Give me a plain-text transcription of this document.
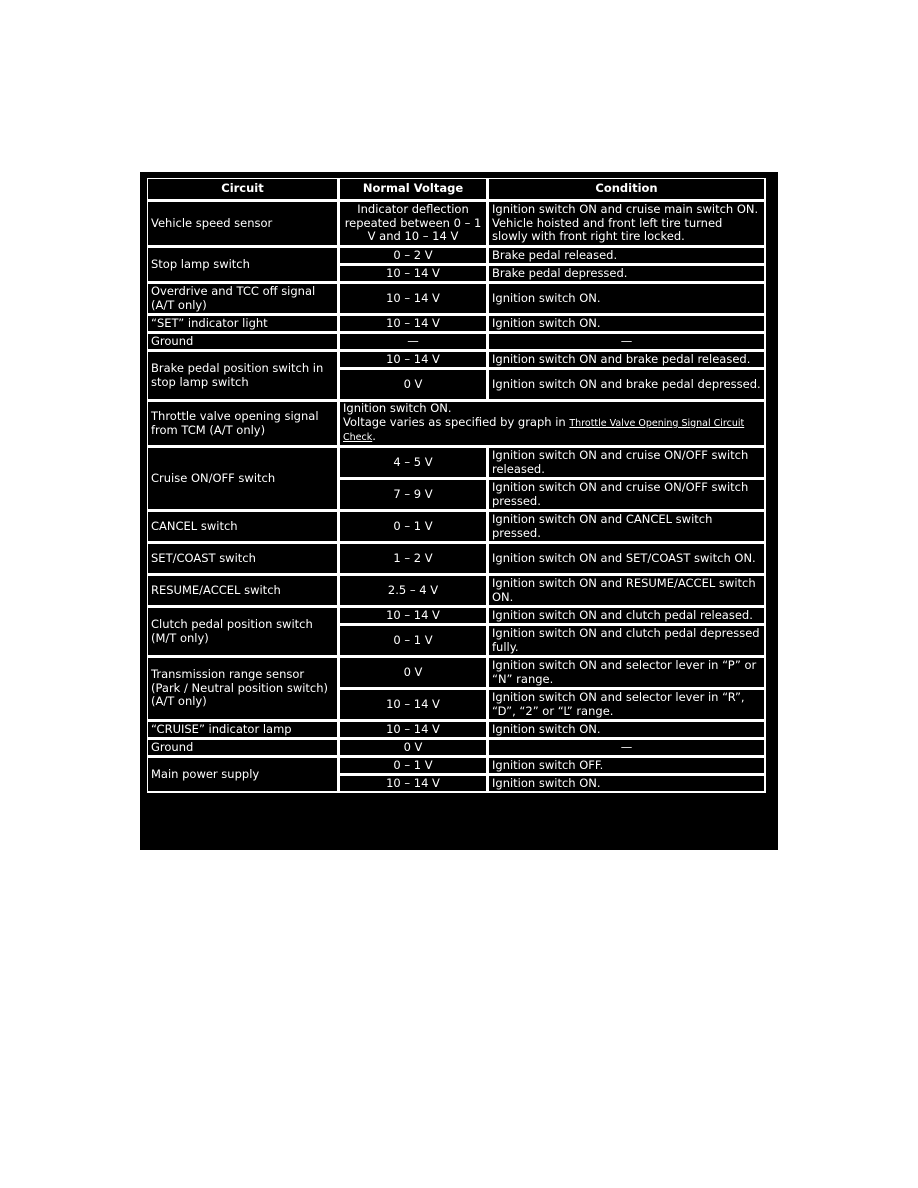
Circuit	Normal Voltage	Condition
Vehicle speed sensor	Indicator deflection repeated between 0 – 1 V and 10 – 14 V	Ignition switch ON and cruise main switch ON. Vehicle hoisted and front left tire turned slowly with front right tire locked.
Stop lamp switch	0 – 2 V	Brake pedal released.
	10 – 14 V	Brake pedal depressed.
Overdrive and TCC off signal (A/T only)	10 – 14 V	Ignition switch ON.
“SET” indicator light	10 – 14 V	Ignition switch ON.
Ground	—	—
Brake pedal position switch in stop lamp switch	10 – 14 V	Ignition switch ON and brake pedal released.
	0 V	Ignition switch ON and brake pedal depressed.
Throttle valve opening signal from TCM (A/T only)	Ignition switch ON.
Voltage varies as specified by graph in Throttle Valve Opening Signal Circuit Check.	
Cruise ON/OFF switch	4 – 5 V	Ignition switch ON and cruise ON/OFF switch released.
	7 – 9 V	Ignition switch ON and cruise ON/OFF switch pressed.
CANCEL switch	0 – 1 V	Ignition switch ON and CANCEL switch pressed.
SET/COAST switch	1 – 2 V	Ignition switch ON and SET/COAST switch ON.
RESUME/ACCEL switch	2.5 – 4 V	Ignition switch ON and RESUME/ACCEL switch ON.
Clutch pedal position switch (M/T only)	10 – 14 V	Ignition switch ON and clutch pedal released.
	0 – 1 V	Ignition switch ON and clutch pedal depressed fully.
Transmission range sensor (Park / Neutral position switch) (A/T only)	0 V	Ignition switch ON and selector lever in “P” or “N” range.
	10 – 14 V	Ignition switch ON and selector lever in “R”, “D”, “2” or “L” range.
“CRUISE” indicator lamp	10 – 14 V	Ignition switch ON.
Ground	0 V	—
Main power supply	0 – 1 V	Ignition switch OFF.
	10 – 14 V	Ignition switch ON.
